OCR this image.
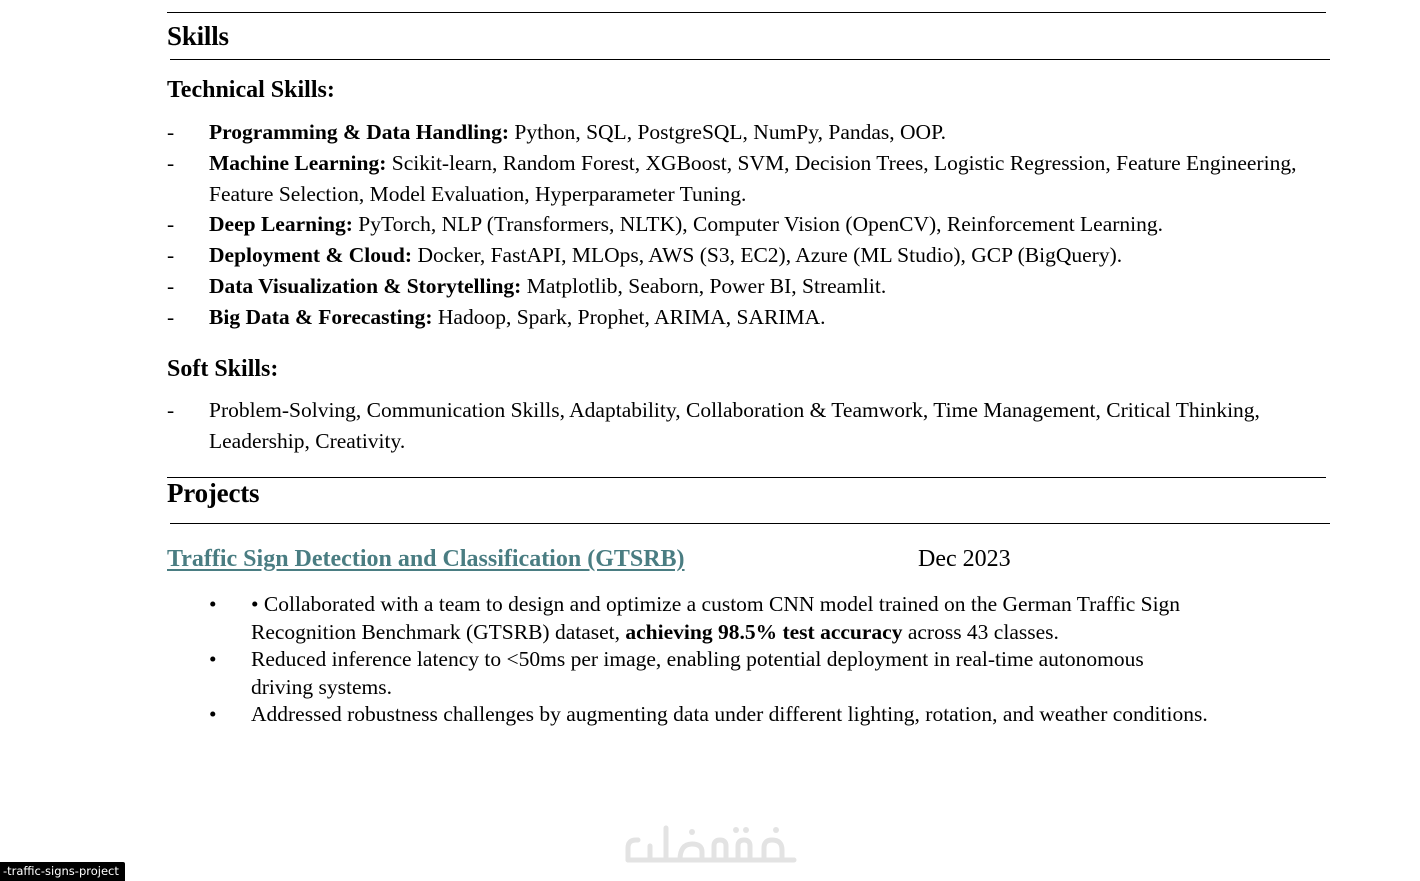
Skills
Technical Skills:
- Programming & Data Handling: Python, SQL, PostgreSQL, NumPy, Pandas, OOP.
- Machine Learning: Scikit-learn, Random Forest, XGBoost, SVM, Decision Trees, Logistic Regression, Feature Engineering, Feature Selection, Model Evaluation, Hyperparameter Tuning.
- Deep Learning: PyTorch, NLP (Transformers, NLTK), Computer Vision (OpenCV), Reinforcement Learning.
- Deployment & Cloud: Docker, FastAPI, MLOps, AWS (S3, EC2), Azure (ML Studio), GCP (BigQuery).
- Data Visualization & Storytelling: Matplotlib, Seaborn, Power BI, Streamlit.
- Big Data & Forecasting: Hadoop, Spark, Prophet, ARIMA, SARIMA.
Soft Skills:
- Problem-Solving, Communication Skills, Adaptability, Collaboration & Teamwork, Time Management, Critical Thinking, Leadership, Creativity.
Projects
Traffic Sign Detection and Classification (GTSRB)	Dec 2023
• • Collaborated with a team to design and optimize a custom CNN model trained on the German Traffic Sign Recognition Benchmark (GTSRB) dataset, achieving 98.5% test accuracy across 43 classes.
• Reduced inference latency to <50ms per image, enabling potential deployment in real-time autonomous driving systems.
• Addressed robustness challenges by augmenting data under different lighting, rotation, and weather conditions.
-traffic-signs-project
